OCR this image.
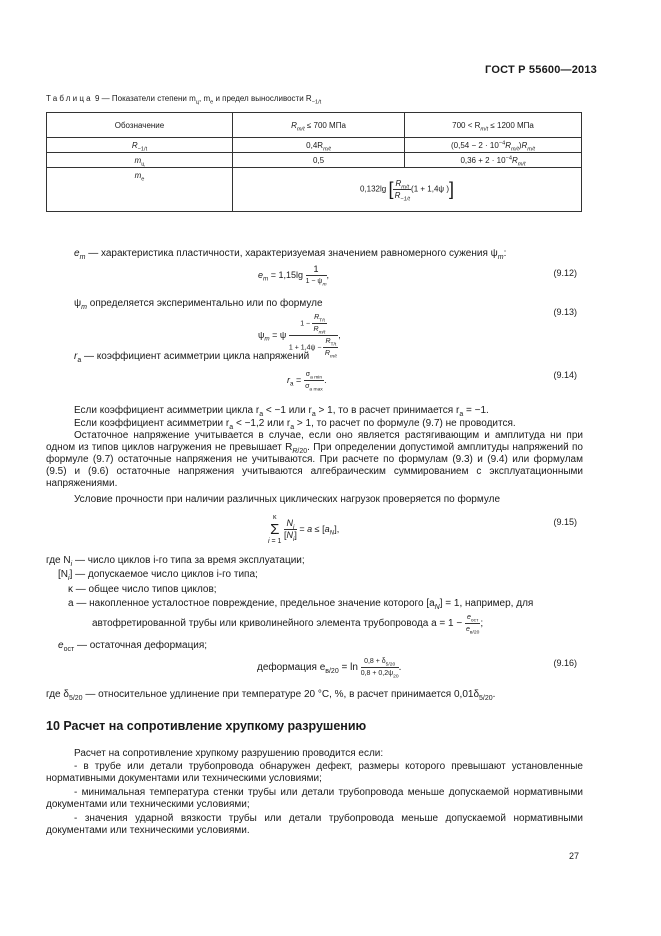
ГОСТ Р 55600—2013
Таблица 9 — Показатели степени $m_ц$, $m_е$ и предел выносливости $R_{-1/t}$
Обозначение	$R_{m/t} \le 700$ МПа	$700 < R_{m/t} \le 1200$ МПа
$R_{-1/t}$	$0,4R_{m/t}$	$(0,54 - 2 \cdot 10^{-4}R_{m/t})R_{m/t}$
$m_ц$	0,5	$0,36 + 2 \cdot 10^{-4}R_{m/t}$
$m_e$	0,132lg [ $\frac{R_{m/t}}{R_{-1/t}} (1 + 1,4\psi$ )]	
$e_m$ — характеристика пластичности, характеризуемая значением равномерного сужения $\psi_m$:
$e_m = 1,15\lg \frac{1}{1 - \psi_m}$ ,	(9.12)
$\psi_m$ определяется экспериментально или по формуле
$\psi_m = \psi \frac{1 - \frac{R_{T/t}}{R_{m/t}}}{1 + 1,4\psi - \frac{R_{T/t}}{R_{m/t}}}$ ,
(9.13)
$r_a$ — коэффициент асимметрии цикла напряжений
$r_a = \frac{\sigma_{a min}}{\sigma_{a max}}$ .	(9.14)
Если коэффициент асимметрии цикла $r_a < -1$ или $r_a > 1$, то в расчет принимается $r_a = -1$.
Если коэффициент асимметрии $r_a < -1,2$ или $r_a > 1$, то расчет по формуле (9.7) не проводится.
Остаточное напряжение учитывается в случае, если оно является растягивающим и амплитуда ни при одном из типов циклов нагружения не превышает $R_{R/20}$. При определении допустимой амплитуды напряжений по формуле (9.7) остаточные напряжения не учитываются. При расчете по формулам (9.3) и (9.4) или формулам (9.5) и (9.6) остаточные напряжения учитываются алгебраическим суммированием с эксплуатационными напряжениями.
Условие прочности при наличии различных циклических нагрузок проверяется по формуле
κ
Σ
i = 1

$\frac{N_i}{[N_i]} = a \le [a_N]$,
(9.15)
где $N_i$ — число циклов i-го типа за время эксплуатации;
$[N_i]$ — допускаемое число циклов i-го типа;
κ — общее число типов циклов;
a — накопленное усталостное повреждение, предельное значение которого $[a_N] = 1$, например, для
автофретированной трубы или криволинейного элемента трубопровода $a = 1 - \frac{e_{ост}}{e_{в/20}}$ ;
$e_{ост}$ — остаточная деформация;
деформация $e_{в/20} = \ln \frac{0,8 + \delta_{5/20}}{0,8 + 0,2\psi_{20}}$ .	(9.16)
где $\delta_{5/20}$ — относительное удлинение при температуре 20 °С, %, в расчет принимается $0,01\delta_{5/20}$.
10 Расчет на сопротивление хрупкому разрушению
Расчет на сопротивление хрупкому разрушению проводится если:
- в трубе или детали трубопровода обнаружен дефект, размеры которого превышают установленные нормативными документами или техническими условиями;
- минимальная температура стенки трубы или детали трубопровода меньше допускаемой нормативными документами или техническими условиями;
- значения ударной вязкости трубы или детали трубопровода меньше допускаемой нормативными документами или техническими условиями.
27
